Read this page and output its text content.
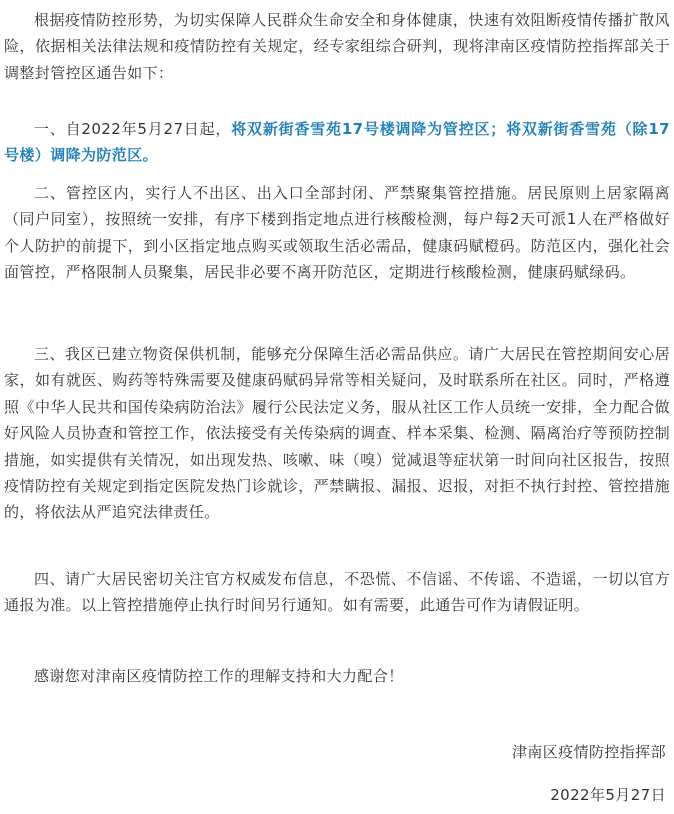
根据疫情防控形势，为切实保障人民群众生命安全和身体健康，快速有效阻断疫情传播扩散风险，依据相关法律法规和疫情防控有关规定，经专家组综合研判，现将津南区疫情防控指挥部关于调整封管控区通告如下：

一、自2022年5月27日起，将双新街香雪苑17号楼调降为管控区；将双新街香雪苑（除17号楼）调降为防范区。

二、管控区内，实行人不出区、出入口全部封闭、严禁聚集管控措施。居民原则上居家隔离（同户同室），按照统一安排，有序下楼到指定地点进行核酸检测，每户每2天可派1人在严格做好个人防护的前提下，到小区指定地点购买或领取生活必需品，健康码赋橙码。防范区内，强化社会面管控，严格限制人员聚集，居民非必要不离开防范区，定期进行核酸检测，健康码赋绿码。

三、我区已建立物资保供机制，能够充分保障生活必需品供应。请广大居民在管控期间安心居家，如有就医、购药等特殊需要及健康码赋码异常等相关疑问，及时联系所在社区。同时，严格遵照《中华人民共和国传染病防治法》履行公民法定义务，服从社区工作人员统一安排，全力配合做好风险人员协查和管控工作，依法接受有关传染病的调查、样本采集、检测、隔离治疗等预防控制措施，如实提供有关情况，如出现发热、咳嗽、味（嗅）觉减退等症状第一时间向社区报告，按照疫情防控有关规定到指定医院发热门诊就诊，严禁瞒报、漏报、迟报，对拒不执行封控、管控措施的，将依法从严追究法律责任。

四、请广大居民密切关注官方权威发布信息，不恐慌、不信谣、不传谣、不造谣，一切以官方通报为准。以上管控措施停止执行时间另行通知。如有需要，此通告可作为请假证明。

感谢您对津南区疫情防控工作的理解支持和大力配合！

津南区疫情防控指挥部

2022年5月27日
